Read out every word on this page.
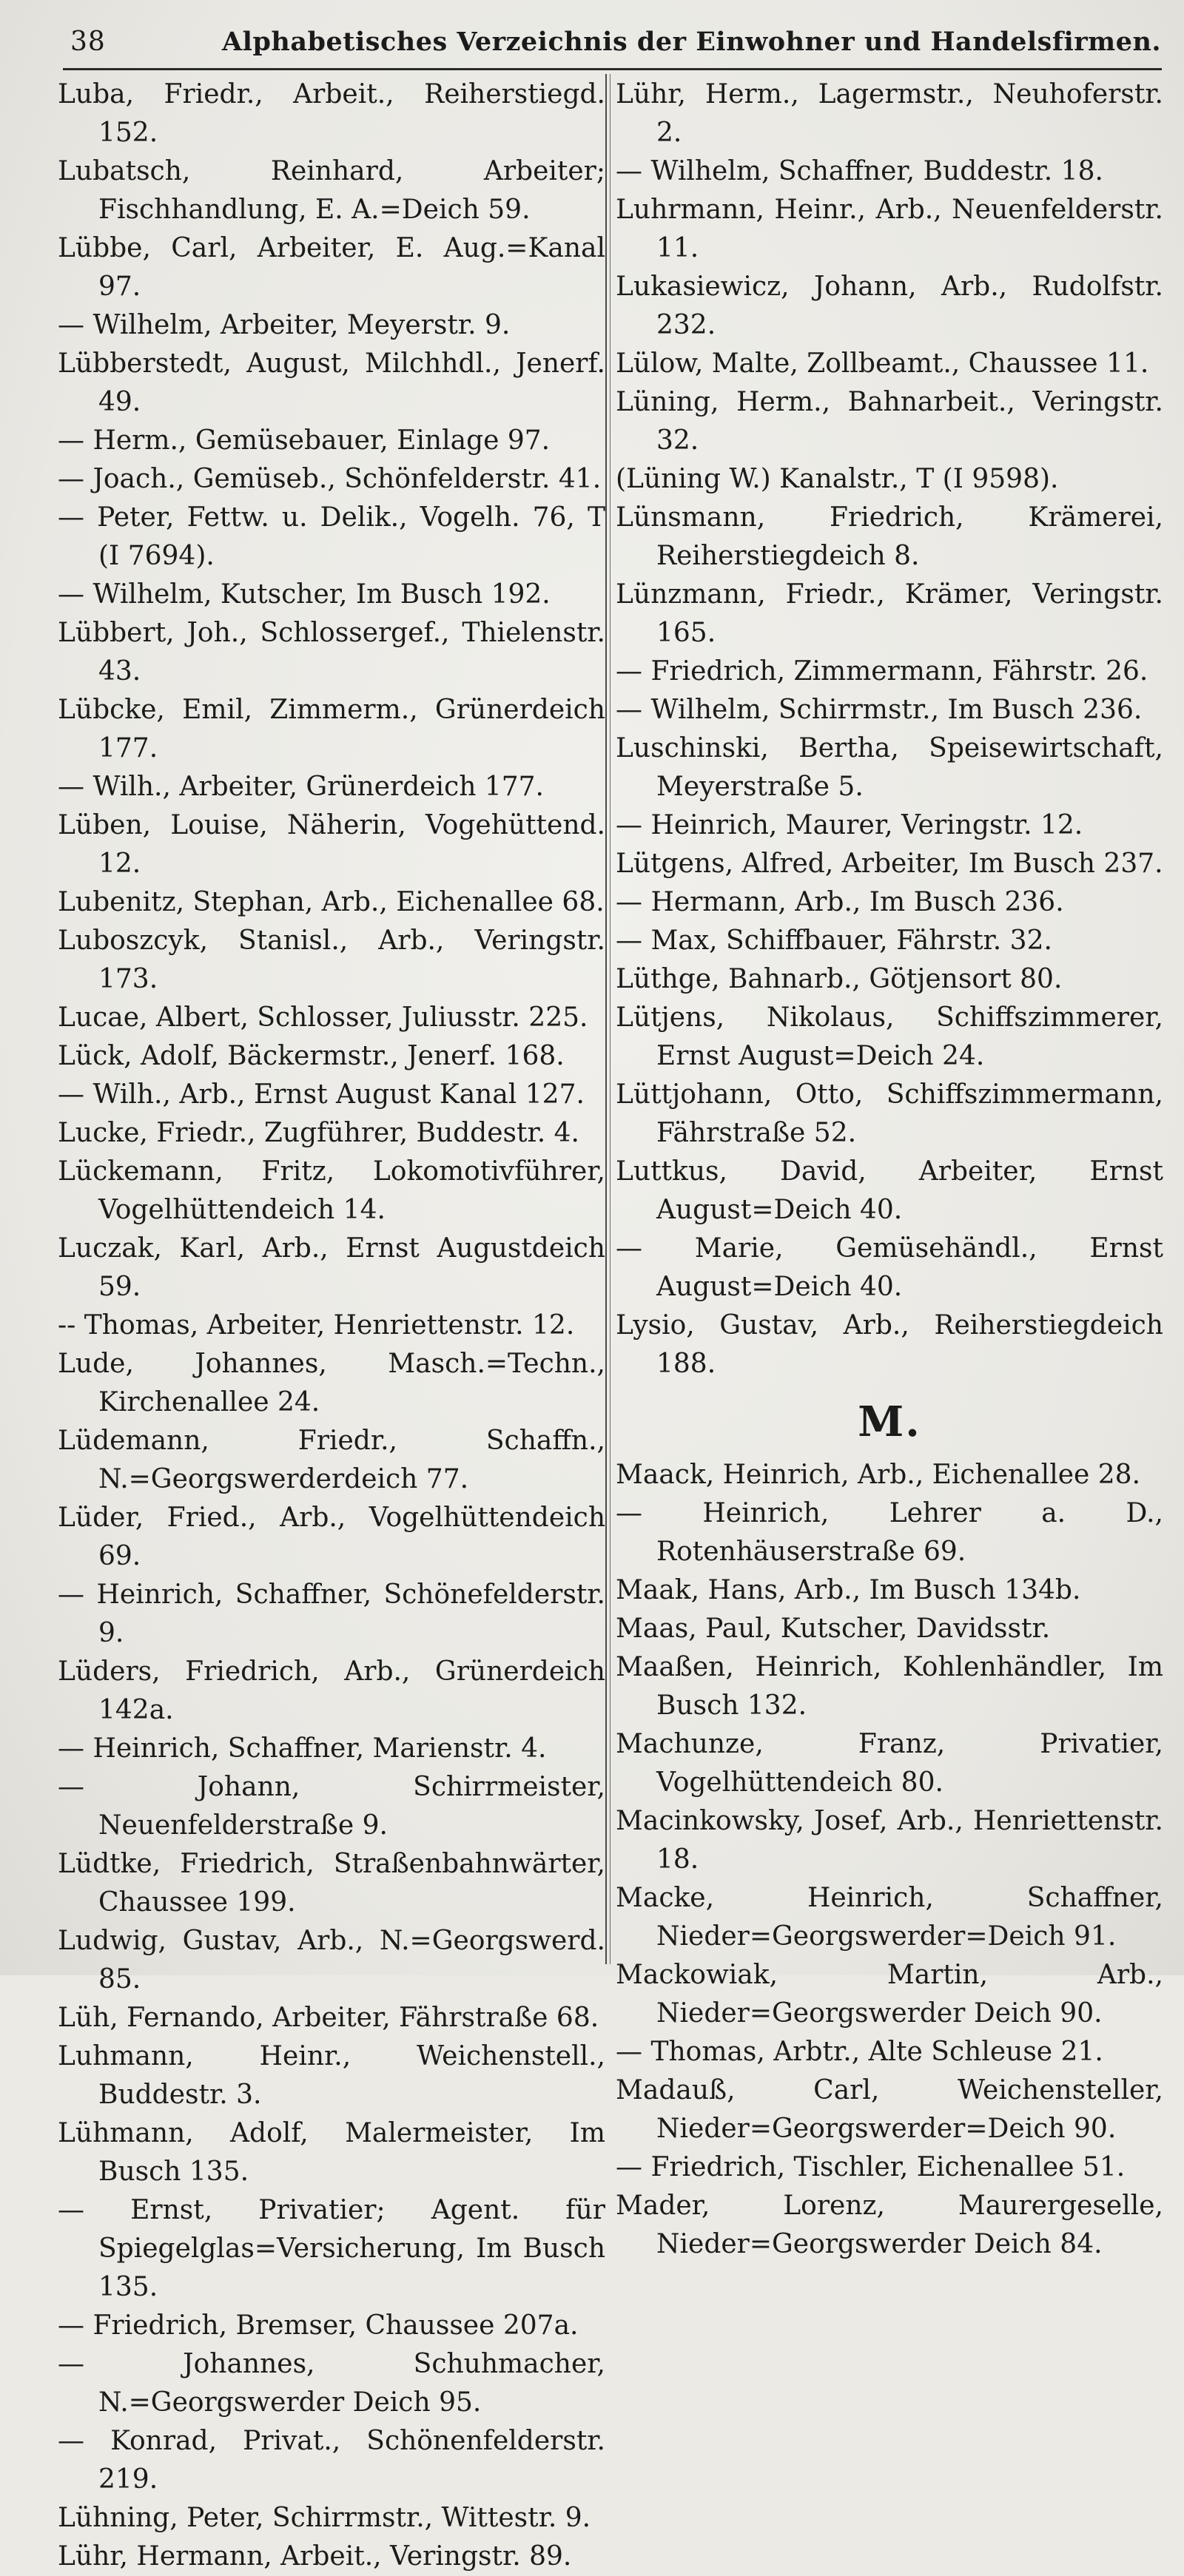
38	Alphabetisches Verzeichnis der Einwohner und Handelsfirmen.

Luba, Friedr., Arbeit., Reiherstiegd. 152.

Lubatsch, Reinhard, Arbeiter; Fischhandlung, E. A.=Deich 59.

Lübbe, Carl, Arbeiter, E. Aug.=Kanal 97.

— Wilhelm, Arbeiter, Meyerstr. 9.

Lübberstedt, August, Milchhdl., Jenerf. 49.

— Herm., Gemüsebauer, Einlage 97.

— Joach., Gemüseb., Schönfelderstr. 41.

— Peter, Fettw. u. Delik., Vogelh. 76, T (I 7694).

— Wilhelm, Kutscher, Im Busch 192.

Lübbert, Joh., Schlossergef., Thielenstr. 43.

Lübcke, Emil, Zimmerm., Grünerdeich 177.

— Wilh., Arbeiter, Grünerdeich 177.

Lüben, Louise, Näherin, Vogehüttend. 12.

Lubenitz, Stephan, Arb., Eichenallee 68.

Luboszcyk, Stanisl., Arb., Veringstr. 173.

Lucae, Albert, Schlosser, Juliusstr. 225.

Lück, Adolf, Bäckermstr., Jenerf. 168.

— Wilh., Arb., Ernst August Kanal 127.

Lucke, Friedr., Zugführer, Buddestr. 4.

Lückemann, Fritz, Lokomotivführer, Vogelhüttendeich 14.

Luczak, Karl, Arb., Ernst Augustdeich 59.

-- Thomas, Arbeiter, Henriettenstr. 12.

Lude, Johannes, Masch.=Techn., Kirchenallee 24.

Lüdemann, Friedr., Schaffn., N.=Georgswerderdeich 77.

Lüder, Fried., Arb., Vogelhüttendeich 69.

— Heinrich, Schaffner, Schönefelderstr. 9.

Lüders, Friedrich, Arb., Grünerdeich 142a.

— Heinrich, Schaffner, Marienstr. 4.

— Johann, Schirrmeister, Neuenfelderstraße 9.

Lüdtke, Friedrich, Straßenbahnwärter, Chaussee 199.

Ludwig, Gustav, Arb., N.=Georgswerd. 85.

Lüh, Fernando, Arbeiter, Fährstraße 68.

Luhmann, Heinr., Weichenstell., Buddestr. 3.

Lühmann, Adolf, Malermeister, Im Busch 135.

— Ernst, Privatier; Agent. für Spiegelglas=Versicherung, Im Busch 135.

— Friedrich, Bremser, Chaussee 207a.

— Johannes, Schuhmacher, N.=Georgswerder Deich 95.

— Konrad, Privat., Schönenfelderstr. 219.

Lühning, Peter, Schirrmstr., Wittestr. 9.

Lühr, Hermann, Arbeit., Veringstr. 89.

Lühr, Herm., Lagermstr., Neuhoferstr. 2.

— Wilhelm, Schaffner, Buddestr. 18.

Luhrmann, Heinr., Arb., Neuenfelderstr. 11.

Lukasiewicz, Johann, Arb., Rudolfstr. 232.

Lülow, Malte, Zollbeamt., Chaussee 11.

Lüning, Herm., Bahnarbeit., Veringstr. 32.

(Lüning W.) Kanalstr., T (I 9598).

Lünsmann, Friedrich, Krämerei, Reiherstiegdeich 8.

Lünzmann, Friedr., Krämer, Veringstr. 165.

— Friedrich, Zimmermann, Fährstr. 26.

— Wilhelm, Schirrmstr., Im Busch 236.

Luschinski, Bertha, Speisewirtschaft, Meyerstraße 5.

— Heinrich, Maurer, Veringstr. 12.

Lütgens, Alfred, Arbeiter, Im Busch 237.

— Hermann, Arb., Im Busch 236.

— Max, Schiffbauer, Fährstr. 32.

Lüthge, Bahnarb., Götjensort 80.

Lütjens, Nikolaus, Schiffszimmerer, Ernst August=Deich 24.

Lüttjohann, Otto, Schiffszimmermann, Fährstraße 52.

Luttkus, David, Arbeiter, Ernst August=Deich 40.

— Marie, Gemüsehändl., Ernst August=Deich 40.

Lysio, Gustav, Arb., Reiherstiegdeich 188.

M.

Maack, Heinrich, Arb., Eichenallee 28.

— Heinrich, Lehrer a. D., Rotenhäuserstraße 69.

Maak, Hans, Arb., Im Busch 134b.

Maas, Paul, Kutscher, Davidsstr.

Maaßen, Heinrich, Kohlenhändler, Im Busch 132.

Machunze, Franz, Privatier, Vogelhüttendeich 80.

Macinkowsky, Josef, Arb., Henriettenstr. 18.

Macke, Heinrich, Schaffner, Nieder=Georgswerder=Deich 91.

Mackowiak, Martin, Arb., Nieder=Georgswerder Deich 90.

— Thomas, Arbtr., Alte Schleuse 21.

Madauß, Carl, Weichensteller, Nieder=Georgswerder=Deich 90.

— Friedrich, Tischler, Eichenallee 51.

Mader, Lorenz, Maurergeselle, Nieder=Georgswerder Deich 84.
